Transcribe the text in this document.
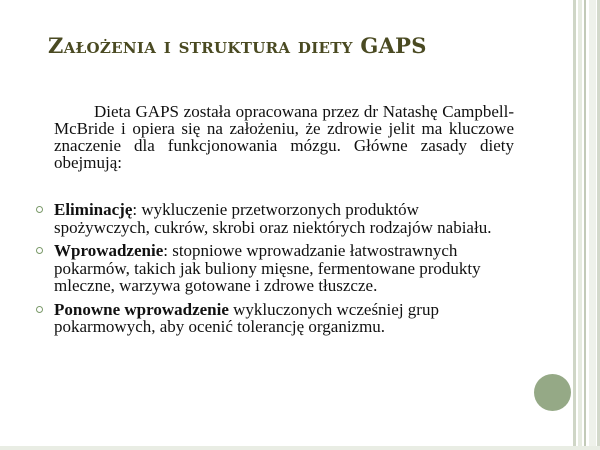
Założenia i struktura diety GAPS

Dieta GAPS została opracowana przez dr Natashę Campbell-McBride i opiera się na założeniu, że zdrowie jelit ma kluczowe znaczenie dla funkcjonowania mózgu. Główne zasady diety obejmują:

Eliminację: wykluczenie przetworzonych produktów spożywczych, cukrów, skrobi oraz niektórych rodzajów nabiału.
Wprowadzenie: stopniowe wprowadzanie łatwostrawnych pokarmów, takich jak buliony mięsne, fermentowane produkty mleczne, warzywa gotowane i zdrowe tłuszcze.
Ponowne wprowadzenie wykluczonych wcześniej grup pokarmowych, aby ocenić tolerancję organizmu.
